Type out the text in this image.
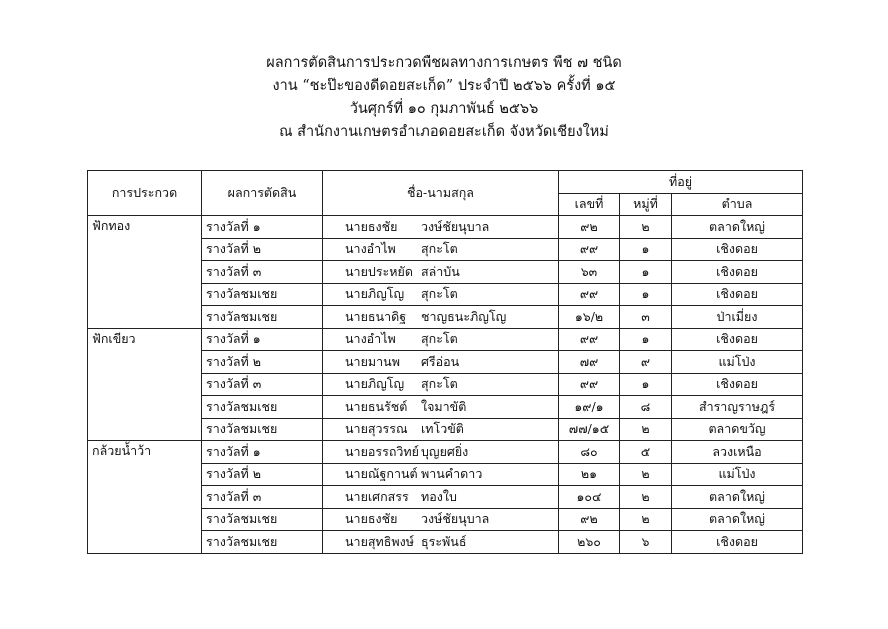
ผลการตัดสินการประกวดพืชผลทางการเกษตร พืช ๗ ชนิด
งาน “ชะป๊ะของดีดอยสะเก็ด” ประจำปี ๒๕๖๖ ครั้งที่ ๑๕
วันศุกร์ที่ ๑๐ กุมภาพันธ์ ๒๕๖๖
ณ สำนักงานเกษตรอำเภอดอยสะเก็ด จังหวัดเชียงใหม่
การประกวด	ผลการตัดสิน	ชื่อ-นามสกุล	ที่อยู่		
			เลขที่	หมู่ที่	ตำบล
ฟักทอง	รางวัลที่ ๑	นายธงชัย วงษ์ชัยนุบาล	๙๒	๒	ตลาดใหญ่
	รางวัลที่ ๒	นางอำไพ สุกะโต	๙๙	๑	เชิงดอย
	รางวัลที่ ๓	นายประหยัด สล่าบัน	๖๓	๑	เชิงดอย
	รางวัลชมเชย	นายภิญโญ สุกะโต	๙๙	๑	เชิงดอย
	รางวัลชมเชย	นายธนาดิฐ ชาญธนะภิญโญ	๑๖/๒	๓	ป่าเมี่ยง
ฟักเขียว	รางวัลที่ ๑	นางอำไพ สุกะโต	๙๙	๑	เชิงดอย
	รางวัลที่ ๒	นายมานพ ศรีอ่อน	๗๙	๙	แม่โป่ง
	รางวัลที่ ๓	นายภิญโญ สุกะโต	๙๙	๑	เชิงดอย
	รางวัลชมเชย	นายธนรัชต์ ใจมาขัติ	๑๙/๑	๘	สำราญราษฎร์
	รางวัลชมเชย	นายสุวรรณ เทโวขัติ	๗๗/๑๕	๒	ตลาดขวัญ
กล้วยน้ำว้า	รางวัลที่ ๑	นายอรรถวิทย์ บุญยศยิ่ง	๘๐	๕	ลวงเหนือ
	รางวัลที่ ๒	นายณัฐกานต์ พานคำดาว	๒๑	๒	แม่โป่ง
	รางวัลที่ ๓	นายเศกสรร ทองใบ	๑๐๔	๒	ตลาดใหญ่
	รางวัลชมเชย	นายธงชัย วงษ์ชัยนุบาล	๙๒	๒	ตลาดใหญ่
	รางวัลชมเชย	นายสุทธิพงษ์ ธุระพันธ์	๒๖๐	๖	เชิงดอย
